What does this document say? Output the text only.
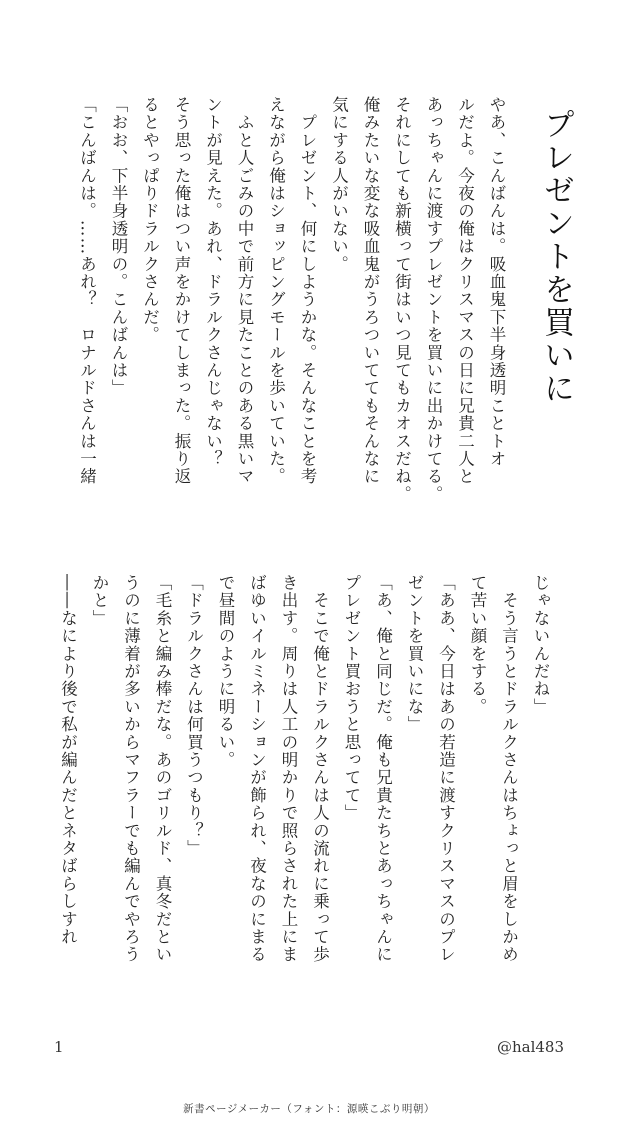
プレゼントを買いに
やあ、こんばんは。吸血鬼下半身透明ことトオ
ルだよ。今夜の俺はクリスマスの日に兄貴二人と
あっちゃんに渡すプレゼントを買いに出かけてる。
それにしても新横って街はいつ見てもカオスだね。
俺みたいな変な吸血鬼がうろついててもそんなに
気にする人がいない。
　プレゼント、何にしようかな。そんなことを考
えながら俺はショッピングモールを歩いていた。
　ふと人ごみの中で前方に見たことのある黒いマ
ントが見えた。あれ、ドラルクさんじゃない？
そう思った俺はつい声をかけてしまった。振り返
るとやっぱりドラルクさんだ。
「おお、下半身透明の。こんばんは」
「こんばんは。……あれ？　ロナルドさんは一緒
じゃないんだね」
　そう言うとドラルクさんはちょっと眉をしかめ
て苦い顔をする。
「ああ、今日はあの若造に渡すクリスマスのプレ
ゼントを買いにな」
「あ、俺と同じだ。俺も兄貴たちとあっちゃんに
プレゼント買おうと思ってて」
　そこで俺とドラルクさんは人の流れに乗って歩
き出す。周りは人工の明かりで照らされた上にま
ばゆいイルミネーションが飾られ、夜なのにまる
で昼間のように明るい。
「ドラルクさんは何買うつもり？」
「毛糸と編み棒だな。あのゴリルド、真冬だとい
うのに薄着が多いからマフラーでも編んでやろう
かと」
――なにより後で私が編んだとネタばらしすれ
1	@hal483
新書ページメーカー（フォント：源暎こぶり明朝）
